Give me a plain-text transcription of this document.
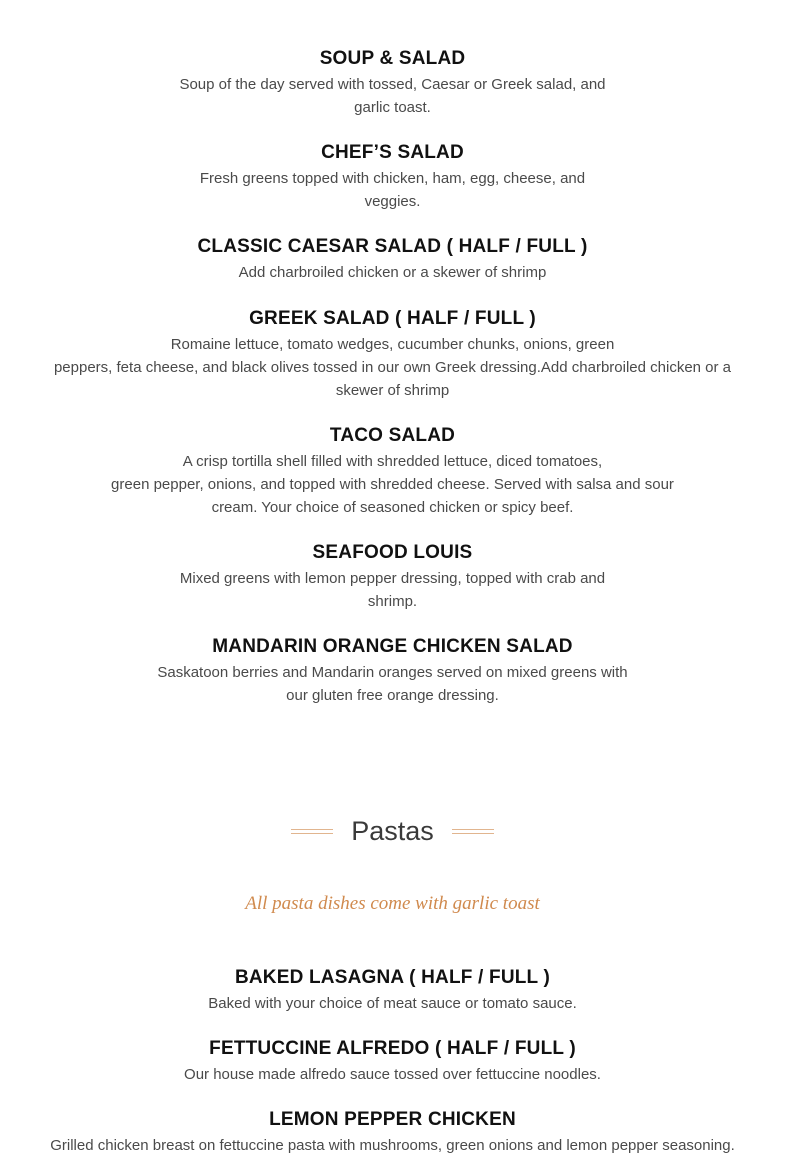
SOUP & SALAD
Soup of the day served with tossed, Caesar or Greek salad, and
garlic toast.
CHEF’S SALAD
Fresh greens topped with chicken, ham, egg, cheese, and
veggies.
CLASSIC CAESAR SALAD ( HALF / FULL )
Add charbroiled chicken or a skewer of shrimp
GREEK SALAD ( HALF / FULL )
Romaine lettuce, tomato wedges, cucumber chunks, onions, green
peppers, feta cheese, and black olives tossed in our own Greek dressing.Add charbroiled chicken or a
skewer of shrimp
TACO SALAD
A crisp tortilla shell filled with shredded lettuce, diced tomatoes,
green pepper, onions, and topped with shredded cheese. Served with salsa and sour
cream. Your choice of seasoned chicken or spicy beef.
SEAFOOD LOUIS
Mixed greens with lemon pepper dressing, topped with crab and
shrimp.
MANDARIN ORANGE CHICKEN SALAD
Saskatoon berries and Mandarin oranges served on mixed greens with
our gluten free orange dressing.
Pastas
All pasta dishes come with garlic toast
BAKED LASAGNA ( HALF / FULL )
Baked with your choice of meat sauce or tomato sauce.
FETTUCCINE ALFREDO ( HALF / FULL )
Our house made alfredo sauce tossed over fettuccine noodles.
LEMON PEPPER CHICKEN
Grilled chicken breast on fettuccine pasta with mushrooms, green onions and lemon pepper seasoning.
